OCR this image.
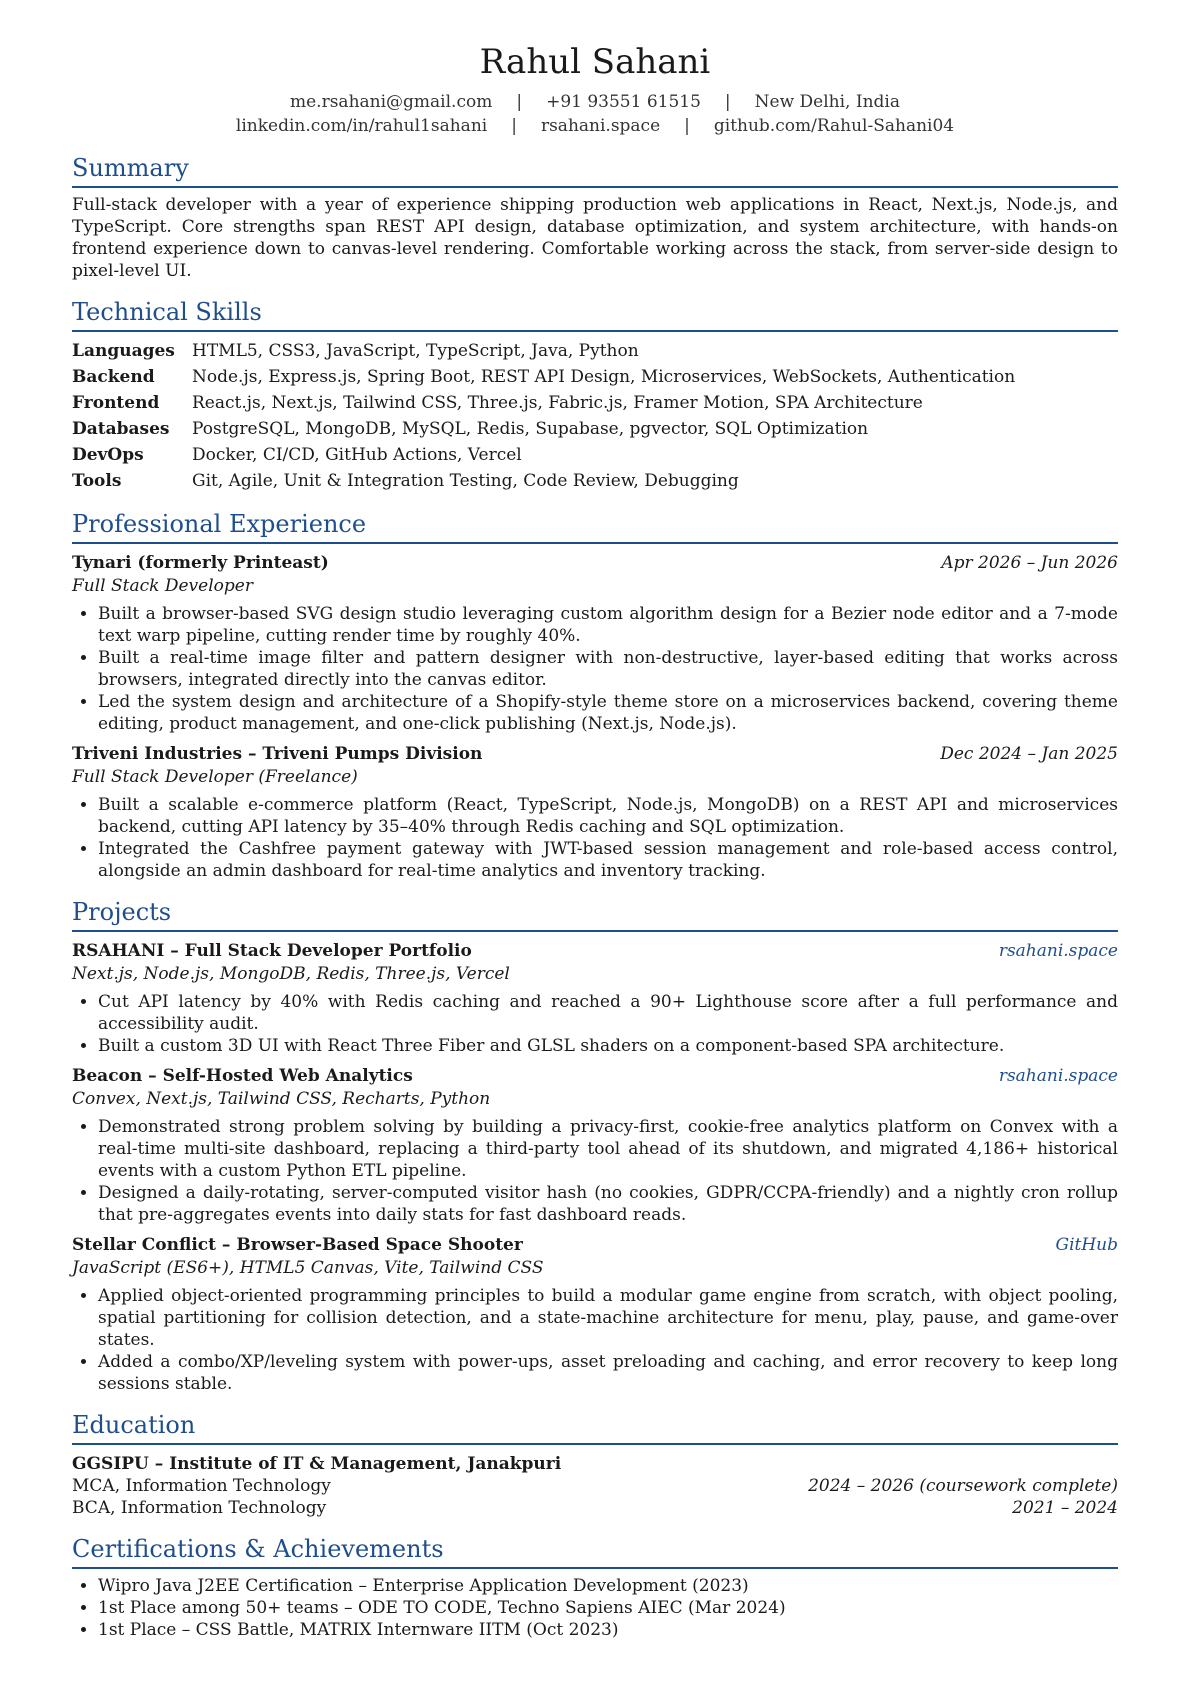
Rahul Sahani
me.rsahani@gmail.com | +91 93551 61515 | New Delhi, India
linkedin.com/in/rahul1sahani | rsahani.space | github.com/Rahul-Sahani04
Summary

Full-stack developer with a year of experience shipping production web applications in React, Next.js, Node.js, and TypeScript. Core strengths span REST API design, database optimization, and system architecture, with hands-on frontend experience down to canvas-level rendering. Comfortable working across the stack, from server-side design to pixel-level UI.

Technical Skills
Languages	HTML5, CSS3, JavaScript, TypeScript, Java, Python
Backend	Node.js, Express.js, Spring Boot, REST API Design, Microservices, WebSockets, Authentication
Frontend	React.js, Next.js, Tailwind CSS, Three.js, Fabric.js, Framer Motion, SPA Architecture
Databases	PostgreSQL, MongoDB, MySQL, Redis, Supabase, pgvector, SQL Optimization
DevOps	Docker, CI/CD, GitHub Actions, Vercel
Tools	Git, Agile, Unit & Integration Testing, Code Review, Debugging
Professional Experience
Tynari (formerly Printeast)	Apr 2026 – Jun 2026
Full Stack Developer
• Built a browser-based SVG design studio leveraging custom algorithm design for a Bezier node editor and a 7-mode text warp pipeline, cutting render time by roughly 40%.
• Built a real-time image filter and pattern designer with non-destructive, layer-based editing that works across browsers, integrated directly into the canvas editor.
• Led the system design and architecture of a Shopify-style theme store on a microservices backend, covering theme editing, product management, and one-click publishing (Next.js, Node.js).
Triveni Industries – Triveni Pumps Division	Dec 2024 – Jan 2025
Full Stack Developer (Freelance)
• Built a scalable e-commerce platform (React, TypeScript, Node.js, MongoDB) on a REST API and microservices backend, cutting API latency by 35–40% through Redis caching and SQL optimization.
• Integrated the Cashfree payment gateway with JWT-based session management and role-based access control, alongside an admin dashboard for real-time analytics and inventory tracking.
Projects
RSAHANI – Full Stack Developer Portfolio	rsahani.space
Next.js, Node.js, MongoDB, Redis, Three.js, Vercel
• Cut API latency by 40% with Redis caching and reached a 90+ Lighthouse score after a full performance and accessibility audit.
• Built a custom 3D UI with React Three Fiber and GLSL shaders on a component-based SPA architecture.
Beacon – Self-Hosted Web Analytics	rsahani.space
Convex, Next.js, Tailwind CSS, Recharts, Python
• Demonstrated strong problem solving by building a privacy-first, cookie-free analytics platform on Convex with a real-time multi-site dashboard, replacing a third-party tool ahead of its shutdown, and migrated 4,186+ historical events with a custom Python ETL pipeline.
• Designed a daily-rotating, server-computed visitor hash (no cookies, GDPR/CCPA-friendly) and a nightly cron rollup that pre-aggregates events into daily stats for fast dashboard reads.
Stellar Conflict – Browser-Based Space Shooter	GitHub
JavaScript (ES6+), HTML5 Canvas, Vite, Tailwind CSS
• Applied object-oriented programming principles to build a modular game engine from scratch, with object pooling, spatial partitioning for collision detection, and a state-machine architecture for menu, play, pause, and game-over states.
• Added a combo/XP/leveling system with power-ups, asset preloading and caching, and error recovery to keep long sessions stable.
Education
GGSIPU – Institute of IT & Management, Janakpuri
MCA, Information Technology	2024 – 2026 (coursework complete)
BCA, Information Technology	2021 – 2024
Certifications & Achievements
• Wipro Java J2EE Certification – Enterprise Application Development (2023)
• 1st Place among 50+ teams – ODE TO CODE, Techno Sapiens AIEC (Mar 2024)
• 1st Place – CSS Battle, MATRIX Internware IITM (Oct 2023)
